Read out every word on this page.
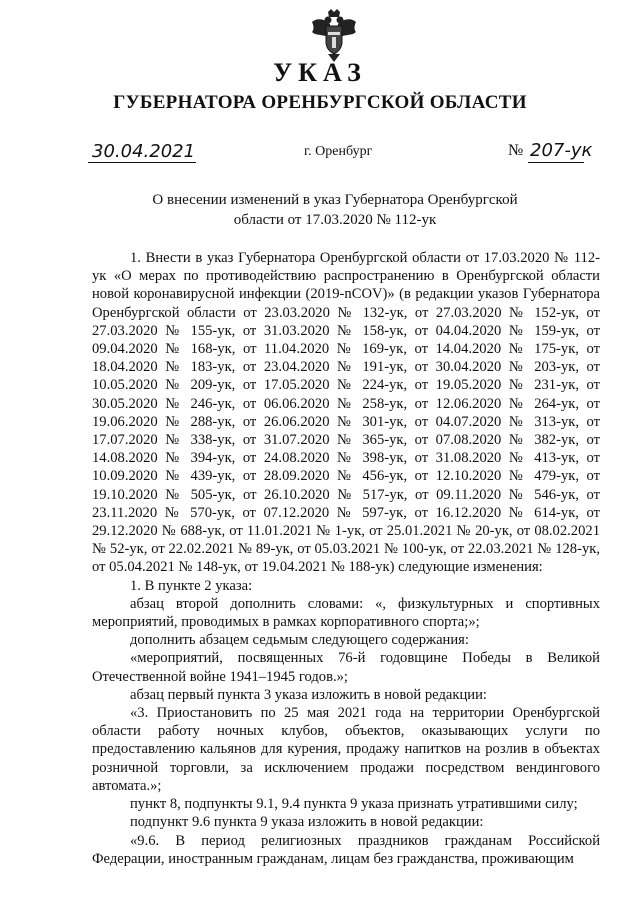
УКАЗ
ГУБЕРНАТОРА ОРЕНБУРГСКОЙ ОБЛАСТИ
30.04.2021	г. Оренбург	№ 207-ук
О внесении изменений в указ Губернатора Оренбургской области от 17.03.2020 № 112-ук

1. Внести в указ Губернатора Оренбургской области от 17.03.2020 № 112-ук «О мерах по противодействию распространению в Оренбургской области новой коронавирусной инфекции (2019-nCOV)» (в редакции указов Губернатора Оренбургской области от 23.03.2020 № 132-ук, от 27.03.2020 № 152-ук, от 27.03.2020 № 155-ук, от 31.03.2020 № 158-ук, от 04.04.2020 № 159-ук, от 09.04.2020 № 168-ук, от 11.04.2020 № 169-ук, от 14.04.2020 № 175-ук, от 18.04.2020 № 183-ук, от 23.04.2020 № 191-ук, от 30.04.2020 № 203-ук, от 10.05.2020 № 209-ук, от 17.05.2020 № 224-ук, от 19.05.2020 № 231-ук, от 30.05.2020 № 246-ук, от 06.06.2020 № 258-ук, от 12.06.2020 № 264-ук, от 19.06.2020 № 288-ук, от 26.06.2020 № 301-ук, от 04.07.2020 № 313-ук, от 17.07.2020 № 338-ук, от 31.07.2020 № 365-ук, от 07.08.2020 № 382-ук, от 14.08.2020 № 394-ук, от 24.08.2020 № 398-ук, от 31.08.2020 № 413-ук, от 10.09.2020 № 439-ук, от 28.09.2020 № 456-ук, от 12.10.2020 № 479-ук, от 19.10.2020 № 505-ук, от 26.10.2020 № 517-ук, от 09.11.2020 № 546-ук, от 23.11.2020 № 570-ук, от 07.12.2020 № 597-ук, от 16.12.2020 № 614-ук, от 29.12.2020 № 688-ук, от 11.01.2021 № 1-ук, от 25.01.2021 № 20-ук, от 08.02.2021 № 52-ук, от 22.02.2021 № 89-ук, от 05.03.2021 № 100-ук, от 22.03.2021 № 128-ук, от 05.04.2021 № 148-ук, от 19.04.2021 № 188-ук) следующие изменения:

1. В пункте 2 указа:

абзац второй дополнить словами: «, физкультурных и спортивных мероприятий, проводимых в рамках корпоративного спорта;»;

дополнить абзацем седьмым следующего содержания:

«мероприятий, посвященных 76-й годовщине Победы в Великой Отечественной войне 1941–1945 годов.»;

абзац первый пункта 3 указа изложить в новой редакции:

«3. Приостановить по 25 мая 2021 года на территории Оренбургской области работу ночных клубов, объектов, оказывающих услуги по предоставлению кальянов для курения, продажу напитков на розлив в объектах розничной торговли, за исключением продажи посредством вендингового автомата.»;

пункт 8, подпункты 9.1, 9.4 пункта 9 указа признать утратившими силу;

подпункт 9.6 пункта 9 указа изложить в новой редакции:

«9.6. В период религиозных праздников гражданам Российской Федерации, иностранным гражданам, лицам без гражданства, проживающим
